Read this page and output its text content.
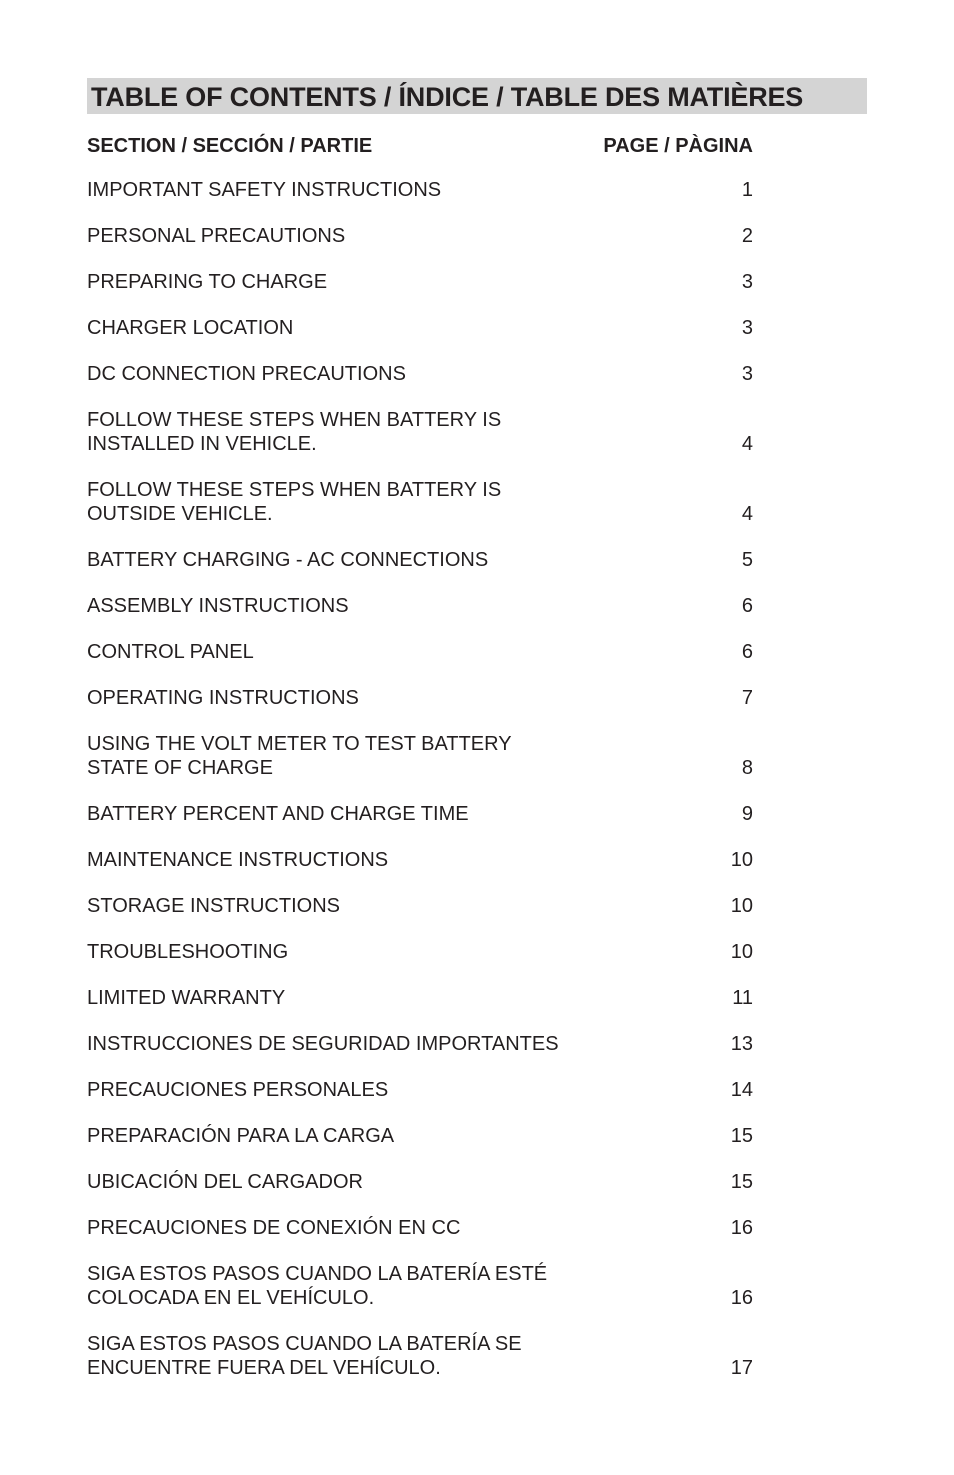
TABLE OF CONTENTS / ÍNDICE / TABLE DES MATIÈRES
SECTION / SECCIÓN / PARTIE	PAGE / PÀGINA
IMPORTANT SAFETY INSTRUCTIONS	1
PERSONAL PRECAUTIONS	2
PREPARING TO CHARGE	3
CHARGER LOCATION	3
DC CONNECTION PRECAUTIONS	3
FOLLOW THESE STEPS WHEN BATTERY IS
INSTALLED IN VEHICLE.	4
FOLLOW THESE STEPS WHEN BATTERY IS
OUTSIDE VEHICLE.	4
BATTERY CHARGING - AC CONNECTIONS	5
ASSEMBLY INSTRUCTIONS	6
CONTROL PANEL	6
OPERATING INSTRUCTIONS	7
USING THE VOLT METER TO TEST BATTERY
STATE OF CHARGE	8
BATTERY PERCENT AND CHARGE TIME	9
MAINTENANCE INSTRUCTIONS	10
STORAGE INSTRUCTIONS	10
TROUBLESHOOTING	10
LIMITED WARRANTY	11
INSTRUCCIONES DE SEGURIDAD IMPORTANTES	13
PRECAUCIONES PERSONALES	14
PREPARACIÓN PARA LA CARGA	15
UBICACIÓN DEL CARGADOR	15
PRECAUCIONES DE CONEXIÓN EN CC	16
SIGA ESTOS PASOS CUANDO LA BATERÍA ESTÉ
COLOCADA EN EL VEHÍCULO.	16
SIGA ESTOS PASOS CUANDO LA BATERÍA SE
ENCUENTRE FUERA DEL VEHÍCULO.	17
